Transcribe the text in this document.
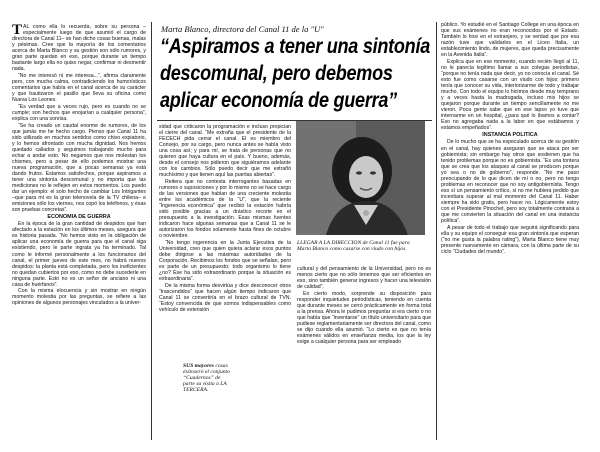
TAL como ella lo recuerda, sobre su persona –especialmente luego de que asumió el cargo de directora de Canal 11– se han dicho cosas buenas, malas y pésimas. Cree que la mayoría de los comentarios acerca de Marta Blanco y su gestión son sólo rumores, y gran parte quedan en eso, porque durante un tiempo bastante largo ella no quiso negar, confirmar ni desmentir nada.

“No me interesó ni me interesa...”, afirma claramente pero, con mucha calma, contradiciendo los humorísticos comentarios que había en el canal acerca de su carácter y que bautizaron el pasillo que lleva su oficina como Nueva Los Leones.

“Es verdad que a veces rujo, pero es cuando no se cumple; son hechos que enojarían a cualquier persona”, explica con una sonrisa.

“Se ha creado un caudal enorme de rumores, de los que jamás me he hecho cargo. Pienso que Canal 11 ha sido utilizado en muchos sentidos como chivo expiatorio, y lo hemos afrontado con mucha dignidad. Nos hemos quedado callados y seguimos trabajando mucho para echar a andar esto. No negamos que nos molestan los chismes, pero a pesar de ello podemos mostrar una nueva programación, que a pocas semanas ya está dando frutos. Estamos satisfechos, porque aspiramos a tener una sintonía descomunal y no importa que las mediciones no le reflejen en estos momentos. Los puedo dar un ejemplo: el solo hecho de cambiar Los Intrigantes –que para mí es la gran telenovela de la TV chilena– e emisiones sólo los viernes, nos copó los teléfonos, y ésas son pruebas concretas”.

ECONOMIA DE GUERRA

En la época de la gran cantidad de despidos que han afectado a la estación en los últimos meses, asegura que es historia pasada. “No hemos visto en la obligación de aplicar una economía de guerra para que el canal siga existiendo, pero le parte ingrata ya ha terminado. Tal como le informé personalmente a los funcionarios del canal, el primer jueves de este mes, no habrá nuevos despidos: la planta está completada, pero los ineficientes no quedan cubiertos por eso, como no debe sucederle en ninguna parte. Esto no es un señor de anciano ni una casa de huérfanos”.

Con la misma elocuencia y sin mostrar en ningún momento molestia por las preguntas, se refiere a las opiniones de algunos personajes vinculados a la univer-

Marta Blanco, directora del Canal 11 de la "U"
“Aspiramos a tener una sintonía
descomunal, pero debemos
aplicar economía de guerra”

sidad que criticaron la programación e incluso propician el cierre del canal. “Me extraña que el presidente de la FECECH pida cerrar el canal. El es miembro del Consejo, por su cargo, pero nunca antes se había visto una cosa así; y para mí, se trata de personas que no quieren que haya cultura en el país. Y bueno, además, desde el consejo nos pidieron que siguiéramos adelante con los cambios. Sólo puedo decir que me extrañó muchísimo y que tienen aquí las puertas abiertas”.

Reitera que no contesta interrogantes basadas en rumores o suposiciones y por lo mismo no se hace cargo de las versiones que hablan de una creciente molestia entre los académicos de la “U”, que la reciente “Ingerencia económica” que recibió la estación habría sido posible gracias a un drástico recorte en el presupuesto a la investigación. Esas mismas fuentes indicaron hace algunas semanas que a Canal 11 se le autorizaron los fondos solamente hasta fines de octubre o noviembre.

“No tengo ingerencia en la Junta Ejecutiva de la Universidad, creo que quien quiera aclarar esos puntos debe dirigirse a las máximas autoridades de la Corporación. Recibimos los fondos que se señalan, pero es parte de un presupuesto; todo organismo lo tiene ¿no? Ése ha sido extraordinario porque la situación es extraordinaria”.

De la misma forma desvirtúa y dice desconocer otros “trascendidos” que hacen algún tiempo indicaron que Canal 11 se convertiría en el brazo cultural de TVN. “Estoy convencida de que somos indispensables como vehículo de extensión

SUS mayores cosas éxitoseró el conjunto “Cuadernos” de parte su visita a LA TERCERA.
LLEGAR A LA DIRECCION de Canal 11 fue para Marta Blanco como casarse con viudo con hijos.

cultural y del pensamiento de la Universidad, pero no es menos cierto que no sólo tenemos que ser eficientes en eso, sino también generar ingresos y hacer una televisión de calidad”.

En cierto modo, sorprende su disposición para responder inquietudes periodísticas, teniendo en cuenta que durante meses se cerró prácticamente en forma total a la prensa. Ahora le pudimos preguntar si era cierto o no que había que “inventarse” un título universitario para que pudiese reglamentariamente ser directora del canal, como se dijo cuando ella asumió. “Lo cierto es que no tenía exámenes válidos en enseñanza media, los que la ley exige a cualquier persona para ser empleado

público. Yo estudié en el Santiago College en una época en que sus exámenes no eran reconocidos por el Estado. También lo hice en el extranjero, y se verdad que por esa razón tuve que validarlos en el Liceo Italia, un establecimiento lindo, de mujeres, que queda precisamente en la Avenida Italia”.

Explica que en ese momento, cuando recién llegó al 11, no le parecía legítimo llamar a sus colegas periodistas, “porque no tenía nada que decir, yo no conocía el canal. Sé esto fue como casarse con un viudo con hijos: primero tenía que conocer su vida, interiorizarme de todo y trabajar mucho. Con todo el equipo lo hicimos desde muy temprano y a veces hasta la madrugada, incluso mis hijos se quejaron porque durante un tiempo sencillamente no me vieron. Poca gente sabe que en ese lapso yo tuve que internarme en un hospital, ¿para qué lo íbamos a contar? Eso no agregaba nada a la labor en que estábamos y estamos empeñados”.

INSTANCIA POLITICA

De lo mucho que se ha especulado acerca de su gestión en el canal, hay quienes aseguran que se ataca por ser gobiernista; sin embargo hay otros que sostienen que ha tenido problemas porque no es gobiernista. “Es una tontera que se crea que los ataques al canal se producen porque yo sea o no de gobierno”, responde. “No me paso preocupando de lo que dicen de mí o no, pero no tengo problemas en reconocer que no soy antigobiernista. Tengo eso sí un pensamiento crítico, si no me hubiera pedido que incentiara superar al mal momento del Canal 11. Haber siempre ha sido gratis, pero hacer no. Lógicamente estoy con el Presidente Pinochet, pero soy totalmente contraria a que me convierten la situación del canal en una instancia política”.

A pesar de todo el trabajo que seguirá significando para ella y su equipo el conseguir esa gran sintonía que esperan (“no me gusta la palabra rating”), Marta Blanco tiene muy presente nuevamente en cámara, con la última parte de su ciclo “Ciudades del mundo”.
